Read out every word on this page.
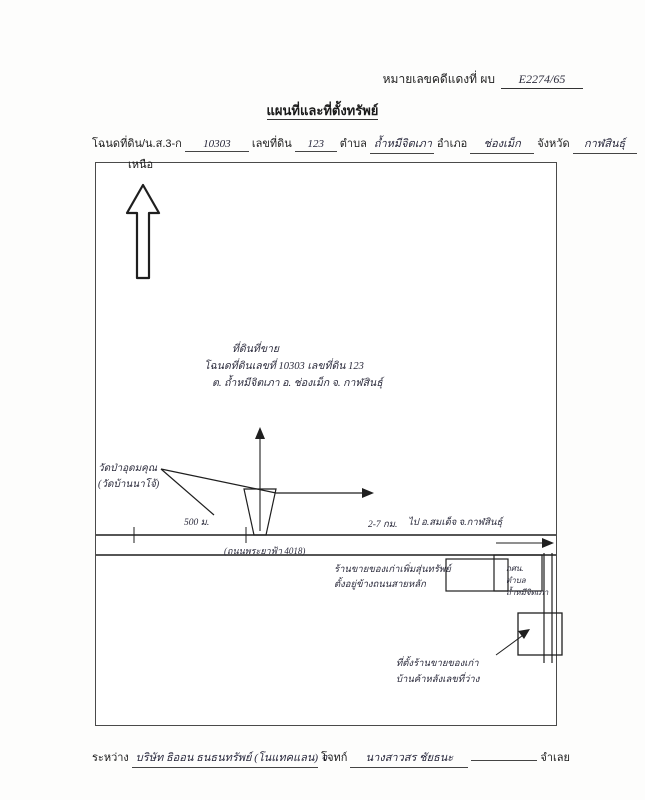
หมายเลขคดีแดงที่ ผบ	E2274/65
แผนที่และที่ตั้งทรัพย์
โฉนดที่ดิน/น.ส.3-ก	10303	เลขที่ดิน	123	ตำบล ถ้ำหมีจิตเภา อำเภอ	ช่องเม็ก	จังหวัด	กาฬสินธุ์
เหนือ
ที่ดินที่ขาย
โฉนดที่ดินเลขที่ 10303 เลขที่ดิน 123
ต. ถ้ำหมีจิตเภา อ. ช่องเม็ก จ. กาฬสินธุ์
วัดป่าอุดมคุณ
(วัดบ้านนาโจ้)
500 ม.	2-7 กม.
(ถนนพระยาฟ้า 4018)
ไป อ.สมเด็จ จ.กาฬสินธุ์
ร้านขายของเก่าเพิ่มสุ่นทรัพย์
ตั้งอยู่ข้างถนนสายหลัก
กศน.
ตำบล
ถ้ำหมีจิตเภา
ที่ตั้งร้านขายของเก่า
บ้านค้าหลังเลขที่ว่าง
ระหว่าง บริษัท ธิออน ธนธนทรัพย์ (โนแทคแลน) จ
โจทก์	นางสาวสร ชัยธนะ	จำเลย
